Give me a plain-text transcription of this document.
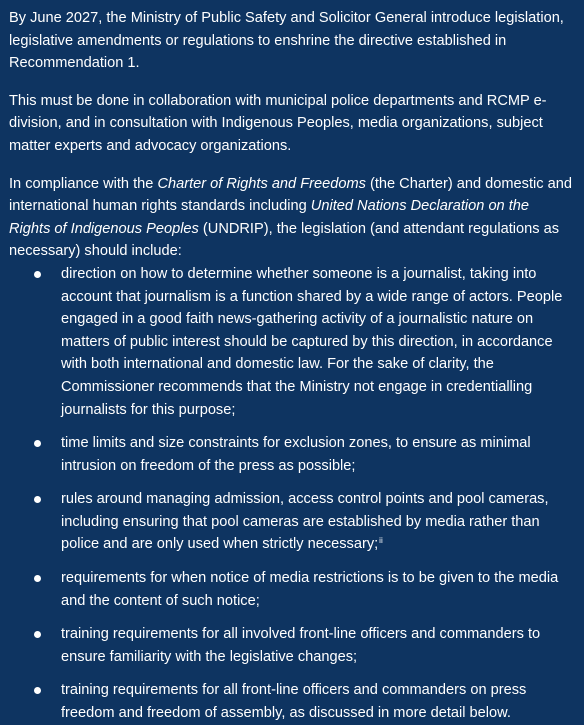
By June 2027, the Ministry of Public Safety and Solicitor General introduce legislation, legislative amendments or regulations to enshrine the directive established in Recommendation 1.

This must be done in collaboration with municipal police departments and RCMP e-division, and in consultation with Indigenous Peoples, media organizations, subject matter experts and advocacy organizations.

In compliance with the Charter of Rights and Freedoms (the Charter) and domestic and international human rights standards including United Nations Declaration on the Rights of Indigenous Peoples (UNDRIP), the legislation (and attendant regulations as necessary) should include:

direction on how to determine whether someone is a journalist, taking into account that journalism is a function shared by a wide range of actors. People engaged in a good faith news-gathering activity of a journalistic nature on matters of public interest should be captured by this direction, in accordance with both international and domestic law. For the sake of clarity, the Commissioner recommends that the Ministry not engage in credentialling journalists for this purpose;
time limits and size constraints for exclusion zones, to ensure as minimal intrusion on freedom of the press as possible;
rules around managing admission, access control points and pool cameras, including ensuring that pool cameras are established by media rather than police and are only used when strictly necessary;$^{ii}$
requirements for when notice of media restrictions is to be given to the media and the content of such notice;
training requirements for all involved front-line officers and commanders to ensure familiarity with the legislative changes;
training requirements for all front-line officers and commanders on press freedom and freedom of assembly, as discussed in more detail below.
